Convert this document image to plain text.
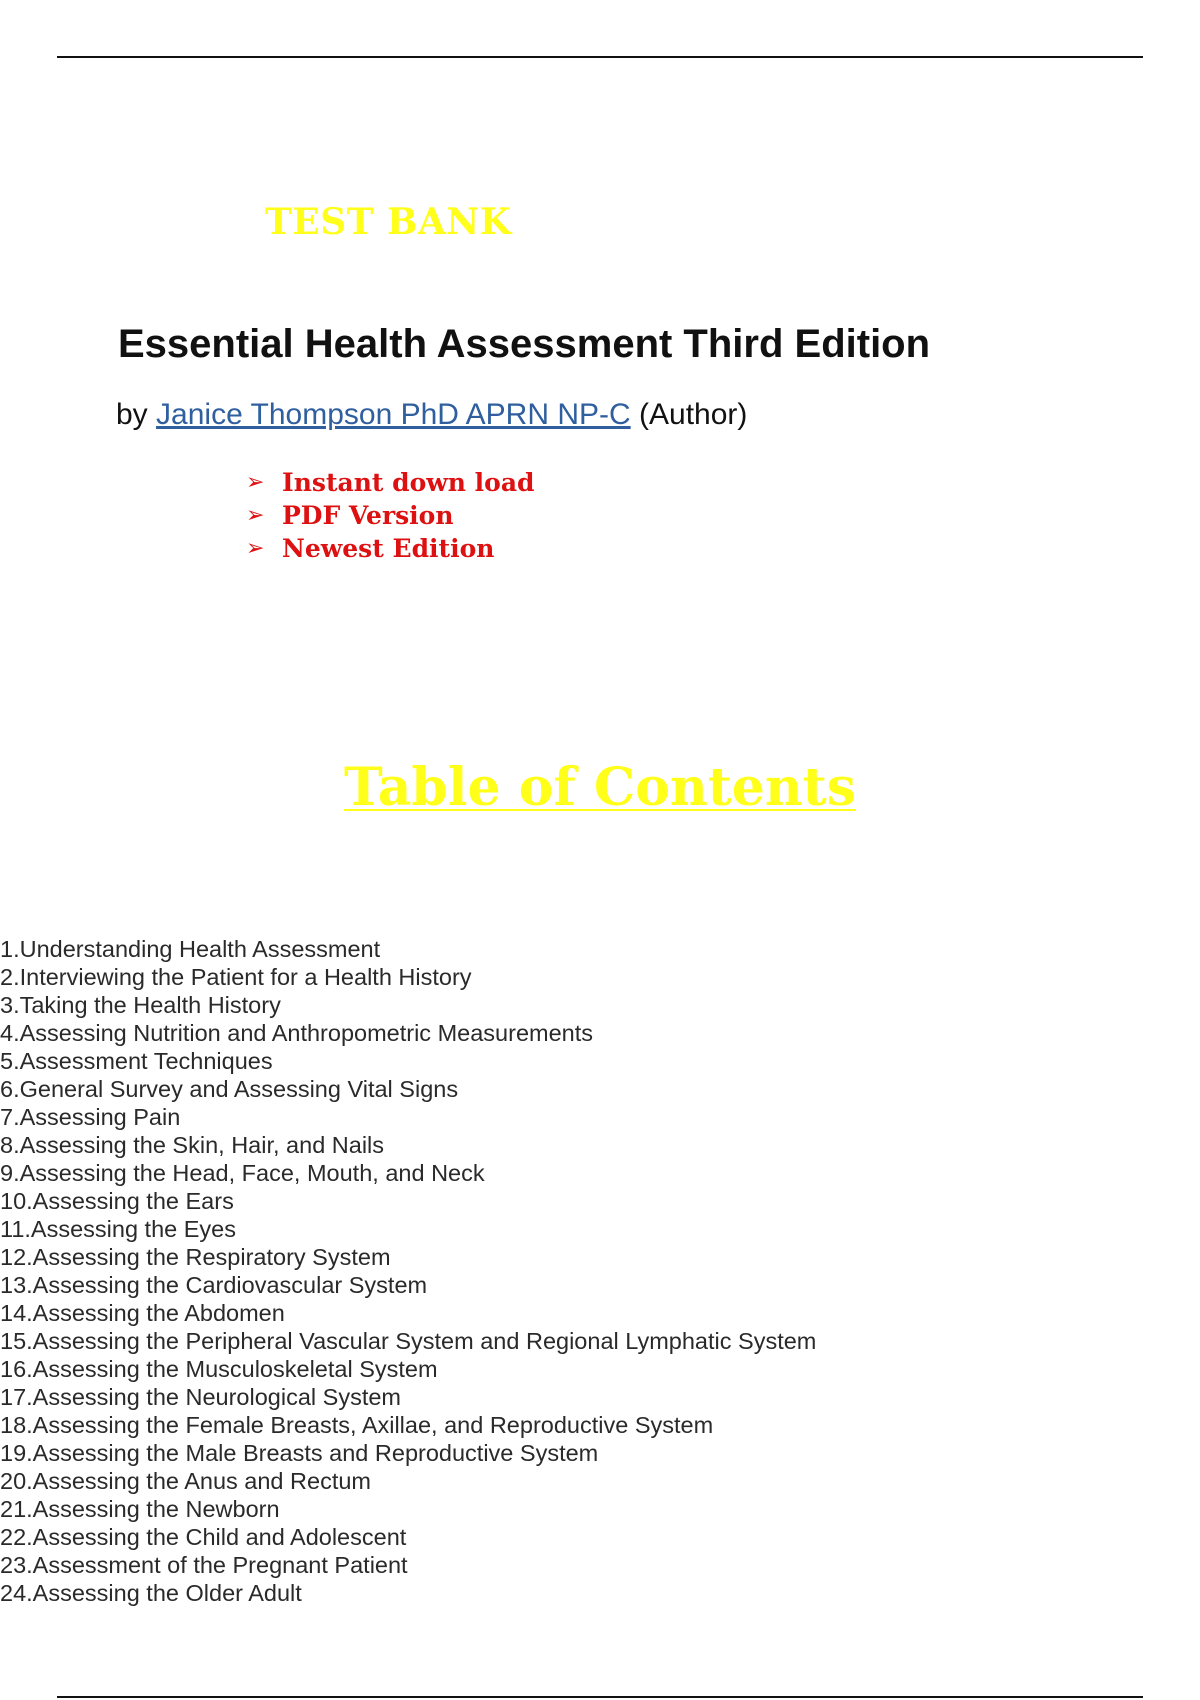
TEST BANK
Essential Health Assessment Third Edition

by Janice Thompson PhD APRN NP-C (Author)

➢ Instant down load
➢ PDF Version
➢ Newest Edition
Table of Contents
1.Understanding Health Assessment
2.Interviewing the Patient for a Health History
3.Taking the Health History
4.Assessing Nutrition and Anthropometric Measurements
5.Assessment Techniques
6.General Survey and Assessing Vital Signs
7.Assessing Pain
8.Assessing the Skin, Hair, and Nails
9.Assessing the Head, Face, Mouth, and Neck
10.Assessing the Ears
11.Assessing the Eyes
12.Assessing the Respiratory System
13.Assessing the Cardiovascular System
14.Assessing the Abdomen
15.Assessing the Peripheral Vascular System and Regional Lymphatic System
16.Assessing the Musculoskeletal System
17.Assessing the Neurological System
18.Assessing the Female Breasts, Axillae, and Reproductive System
19.Assessing the Male Breasts and Reproductive System
20.Assessing the Anus and Rectum
21.Assessing the Newborn
22.Assessing the Child and Adolescent
23.Assessment of the Pregnant Patient
24.Assessing the Older Adult
